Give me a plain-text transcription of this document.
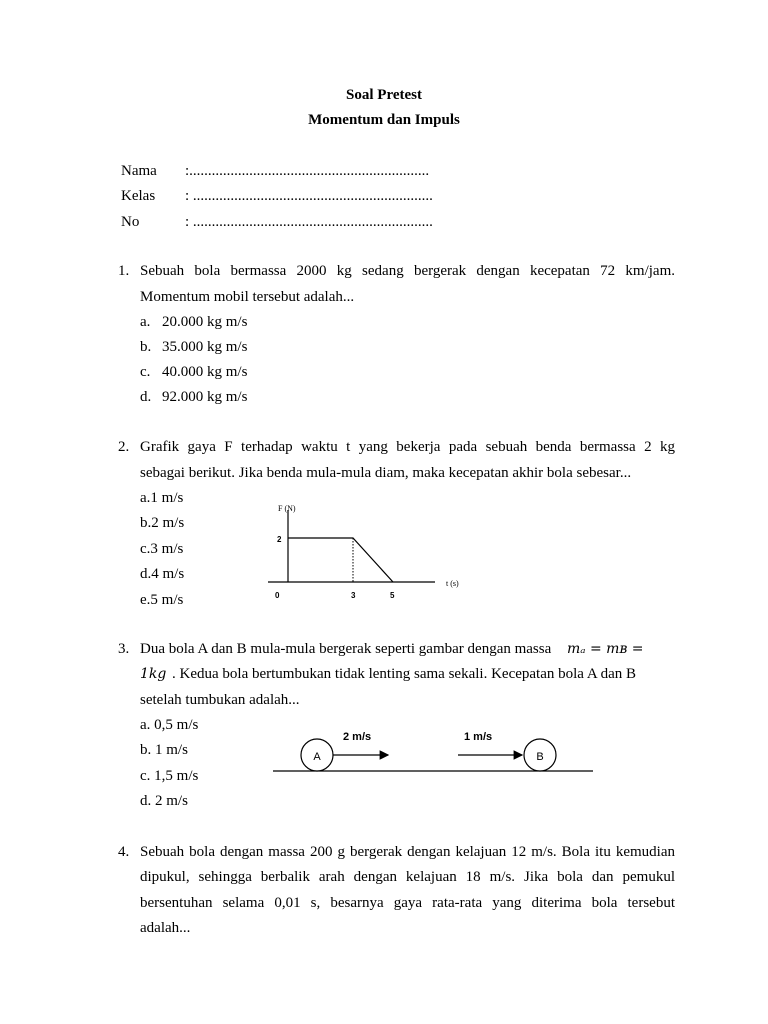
Soal Pretest
Momentum dan Impuls
Nama :................................................................
Kelas : ................................................................
No	: ................................................................
1. Sebuah bola bermassa 2000 kg sedang bergerak dengan kecepatan 72 km/jam.
Momentum mobil tersebut adalah...
a. 20.000 kg m/s
b. 35.000 kg m/s
c. 40.000 kg m/s
d. 92.000 kg m/s
2. Grafik gaya F terhadap waktu t yang bekerja pada sebuah benda bermassa 2 kg
sebagai berikut. Jika benda mula-mula diam, maka kecepatan akhir bola sebesar...
a.1 m/s
b.2 m/s
c.3 m/s
d.4 m/s
e.5 m/s
F (N)
t (s)
2
0	3	5
3. Dua bola A dan B mula-mula bergerak seperti gambar dengan massa mₐ = mʙ =
1kg . Kedua bola bertumbukan tidak lenting sama sekali. Kecepatan bola A dan B
setelah tumbukan adalah...
a. 0,5 m/s
b. 1 m/s
c. 1,5 m/s
d. 2 m/s
A	B
2 m/s	1 m/s
4. Sebuah bola dengan massa 200 g bergerak dengan kelajuan 12 m/s. Bola itu kemudian
dipukul, sehingga berbalik arah dengan kelajuan 18 m/s. Jika bola dan pemukul
bersentuhan selama 0,01 s, besarnya gaya rata-rata yang diterima bola tersebut
adalah...
